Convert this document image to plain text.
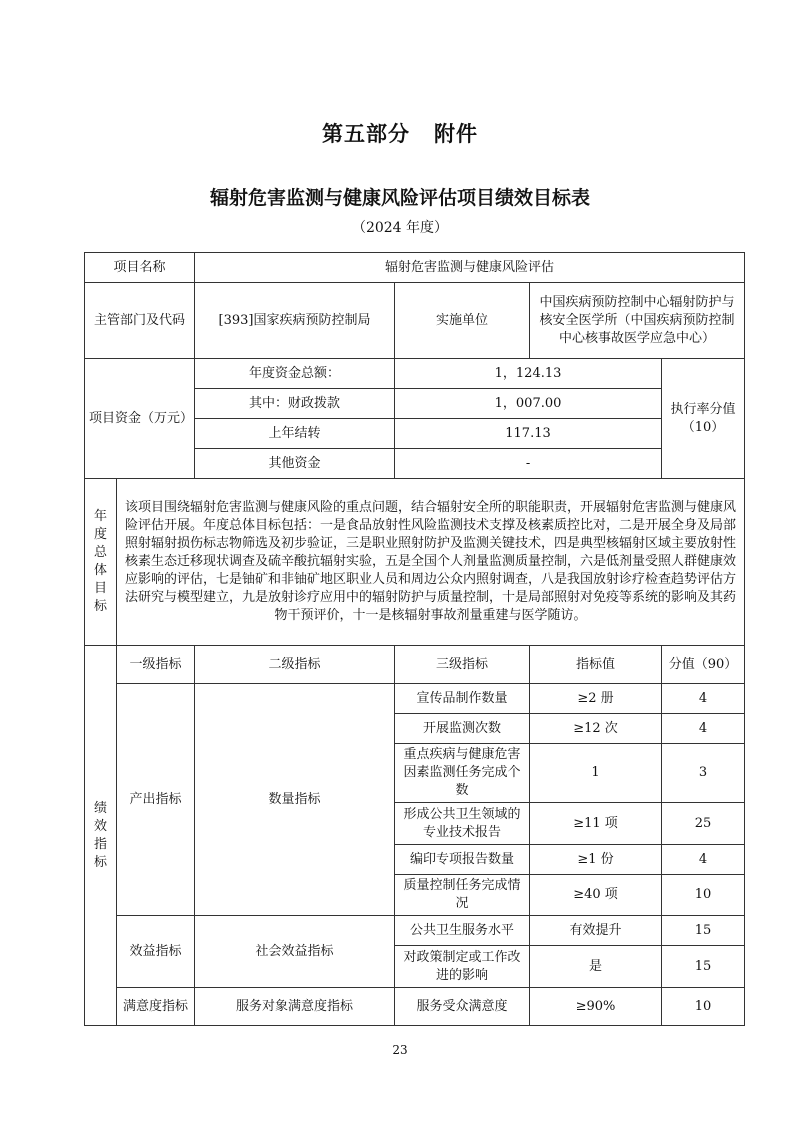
第五部分 附件
辐射危害监测与健康风险评估项目绩效目标表
（2024 年度）
项目名称		辐射危害监测与健康风险评估			
主管部门及代码		[393]国家疾病预防控制局	实施单位	中国疾病预防控制中心辐射防护与核安全医学所（中国疾病预防控制中心核事故医学应急中心）	
项目资金（万元）		年度资金总额：	1，124.13		执行率分值（10）
		其中：财政拨款	1，007.00		
		上年结转	117.13		
		其他资金	-		
年度总体目标	该项目围绕辐射危害监测与健康风险的重点问题，结合辐射安全所的职能职责，开展辐射危害监测与健康风险评估开展。年度总体目标包括：一是食品放射性风险监测技术支撑及核素质控比对，二是开展全身及局部照射辐射损伤标志物筛选及初步验证，三是职业照射防护及监测关键技术，四是典型核辐射区域主要放射性核素生态迁移现状调查及硫辛酸抗辐射实验，五是全国个人剂量监测质量控制，六是低剂量受照人群健康效应影响的评估，七是铀矿和非铀矿地区职业人员和周边公众内照射调查，八是我国放射诊疗检查趋势评估方法研究与模型建立，九是放射诊疗应用中的辐射防护与质量控制，十是局部照射对免疫等系统的影响及其药物干预评价，十一是核辐射事故剂量重建与医学随访。				
绩效指标	一级指标	二级指标	三级指标	指标值	分值（90）
	产出指标	数量指标	宣传品制作数量	≥2 册	4
			开展监测次数	≥12 次	4
			重点疾病与健康危害因素监测任务完成个数	1	3
			形成公共卫生领域的专业技术报告	≥11 项	25
			编印专项报告数量	≥1 份	4
			质量控制任务完成情况	≥40 项	10
	效益指标	社会效益指标	公共卫生服务水平	有效提升	15
			对政策制定或工作改进的影响	是	15
	满意度指标	服务对象满意度指标	服务受众满意度	≥90%	10
23
